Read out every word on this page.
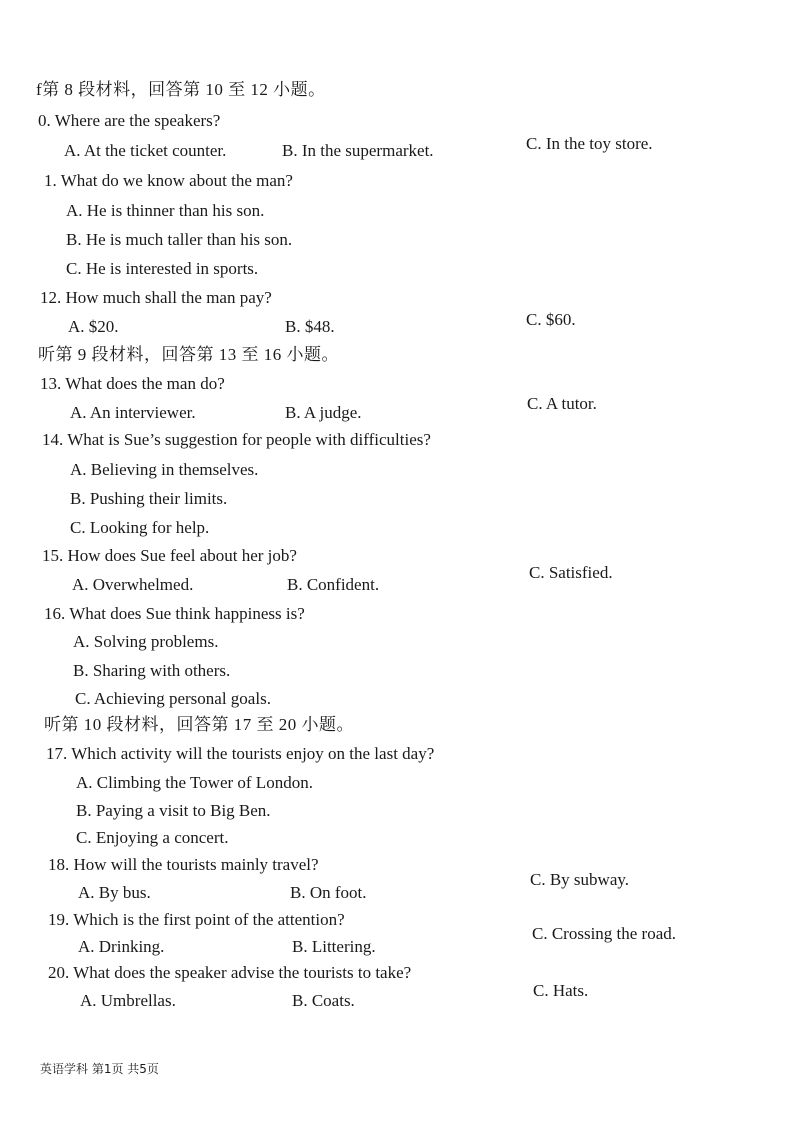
f第 8 段材料，回答第 10 至 12 小题。
0. Where are the speakers?
A. At the ticket counter.	B. In the supermarket.	C. In the toy store.
1. What do we know about the man?
A. He is thinner than his son.
B. He is much taller than his son.
C. He is interested in sports.
12. How much shall the man pay?
A. $20.	B. $48.	C. $60.
听第 9 段材料，回答第 13 至 16 小题。
13. What does the man do?
A. An interviewer.	B. A judge.	C. A tutor.
14. What is Sue’s suggestion for people with difficulties?
A. Believing in themselves.
B. Pushing their limits.
C. Looking for help.
15. How does Sue feel about her job?
A. Overwhelmed.	B. Confident.
C. Satisfied.
16. What does Sue think happiness is?
A. Solving problems.
B. Sharing with others.
C. Achieving personal goals.
听第 10 段材料，回答第 17 至 20 小题。
17. Which activity will the tourists enjoy on the last day?
A. Climbing the Tower of London.
B. Paying a visit to Big Ben.
C. Enjoying a concert.
18. How will the tourists mainly travel?
A. By bus.	B. On foot.
C. By subway.
19. Which is the first point of the attention?
A. Drinking.	B. Littering.
C. Crossing the road.
20. What does the speaker advise the tourists to take?
A. Umbrellas.	B. Coats.
C. Hats.
英语学科 第1页 共5页
